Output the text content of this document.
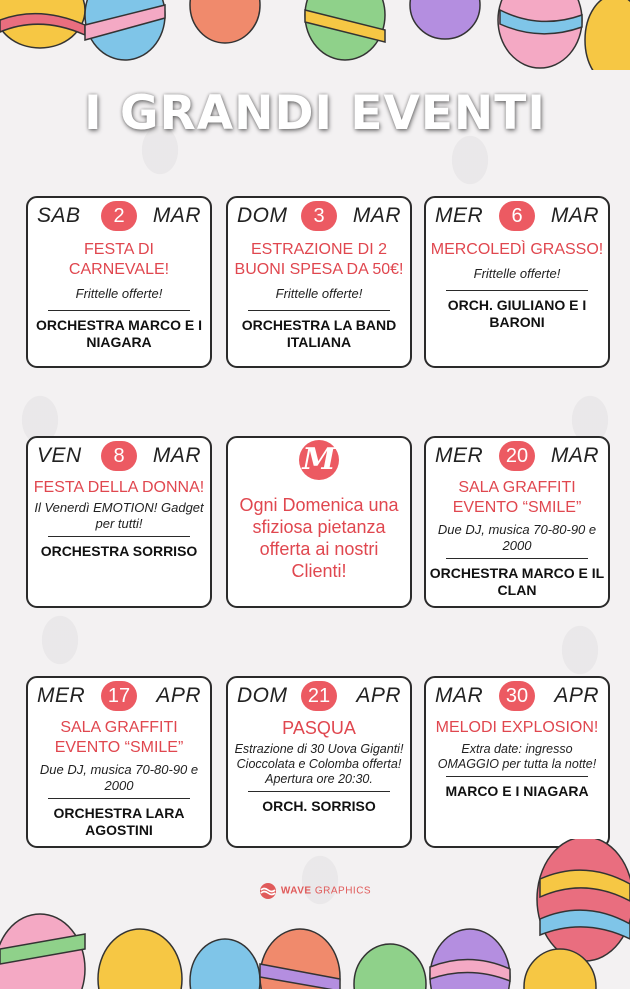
I GRANDI EVENTI
SAB	2	MAR
FESTA DI CARNEVALE!
Frittelle offerte!
ORCHESTRA MARCO E I NIAGARA
DOM	3	MAR
ESTRAZIONE DI 2 BUONI SPESA DA 50€!
Frittelle offerte!
ORCHESTRA LA BAND ITALIANA
MER	6	MAR
MERCOLEDÌ GRASSO!
Frittelle offerte!
ORCH. GIULIANO E I BARONI
VEN	8	MAR
FESTA DELLA DONNA!
Il Venerdì EMOTION! Gadget per tutti!
ORCHESTRA SORRISO
M
Ogni Domenica una sfiziosa pietanza offerta ai nostri Clienti!
MER	20	MAR
SALA GRAFFITI EVENTO “SMILE”
Due DJ, musica 70-80-90 e 2000
ORCHESTRA MARCO E IL CLAN
MER	17	APR
SALA GRAFFITI EVENTO “SMILE”
Due DJ, musica 70-80-90 e 2000
ORCHESTRA LARA AGOSTINI
DOM	21	APR
PASQUA
Estrazione di 30 Uova Giganti! Cioccolata e Colomba offerta! Apertura ore 20:30.
ORCH. SORRISO
MAR	30	APR
MELODI EXPLOSION!
Extra date: ingresso OMAGGIO per tutta la notte!
MARCO E I NIAGARA
WAVE GRAPHICS
